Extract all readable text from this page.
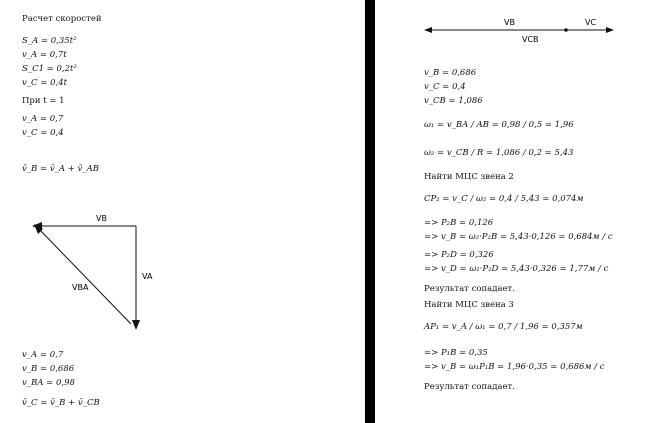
Расчет скоростей
S_A = 0,35t²
v_A = 0,7t
S_C1 = 0,2t²
v_C = 0,4t
При t = 1
v_A = 0,7
v_C = 0,4
v̄_B = v̄_A + v̄_AB
VB
VA
VBA
v_A = 0,7
v_B = 0,686
v_BA = 0,98
v̄_C = v̄_B + v̄_CB
VB	VC
VCB
v_B = 0,686
v_C = 0,4
v_CB = 1,086
ω₁ = v_BA / AB = 0,98 / 0,5 = 1,96
ω₂ = v_CB / R = 1,086 / 0,2 = 5,43
Найти МЦС звена 2
CP₂ = v_C / ω₂ = 0,4 / 5,43 = 0,074м
=> P₂B = 0,126
=> v_B = ω₂·P₂B = 5,43·0,126 = 0,684м / с
=> P₂D = 0,326
=> v_D = ω₂·P₂D = 5,43·0,326 = 1,77м / с
Результат сопадает.
Найти МЦС звена 3
AP₁ = v_A / ω₁ = 0,7 / 1,96 = 0,357м
=> P₁B = 0,35
=> v_B = ω₁P₁B = 1,96·0,35 = 0,686м / с
Результат сопадает.
